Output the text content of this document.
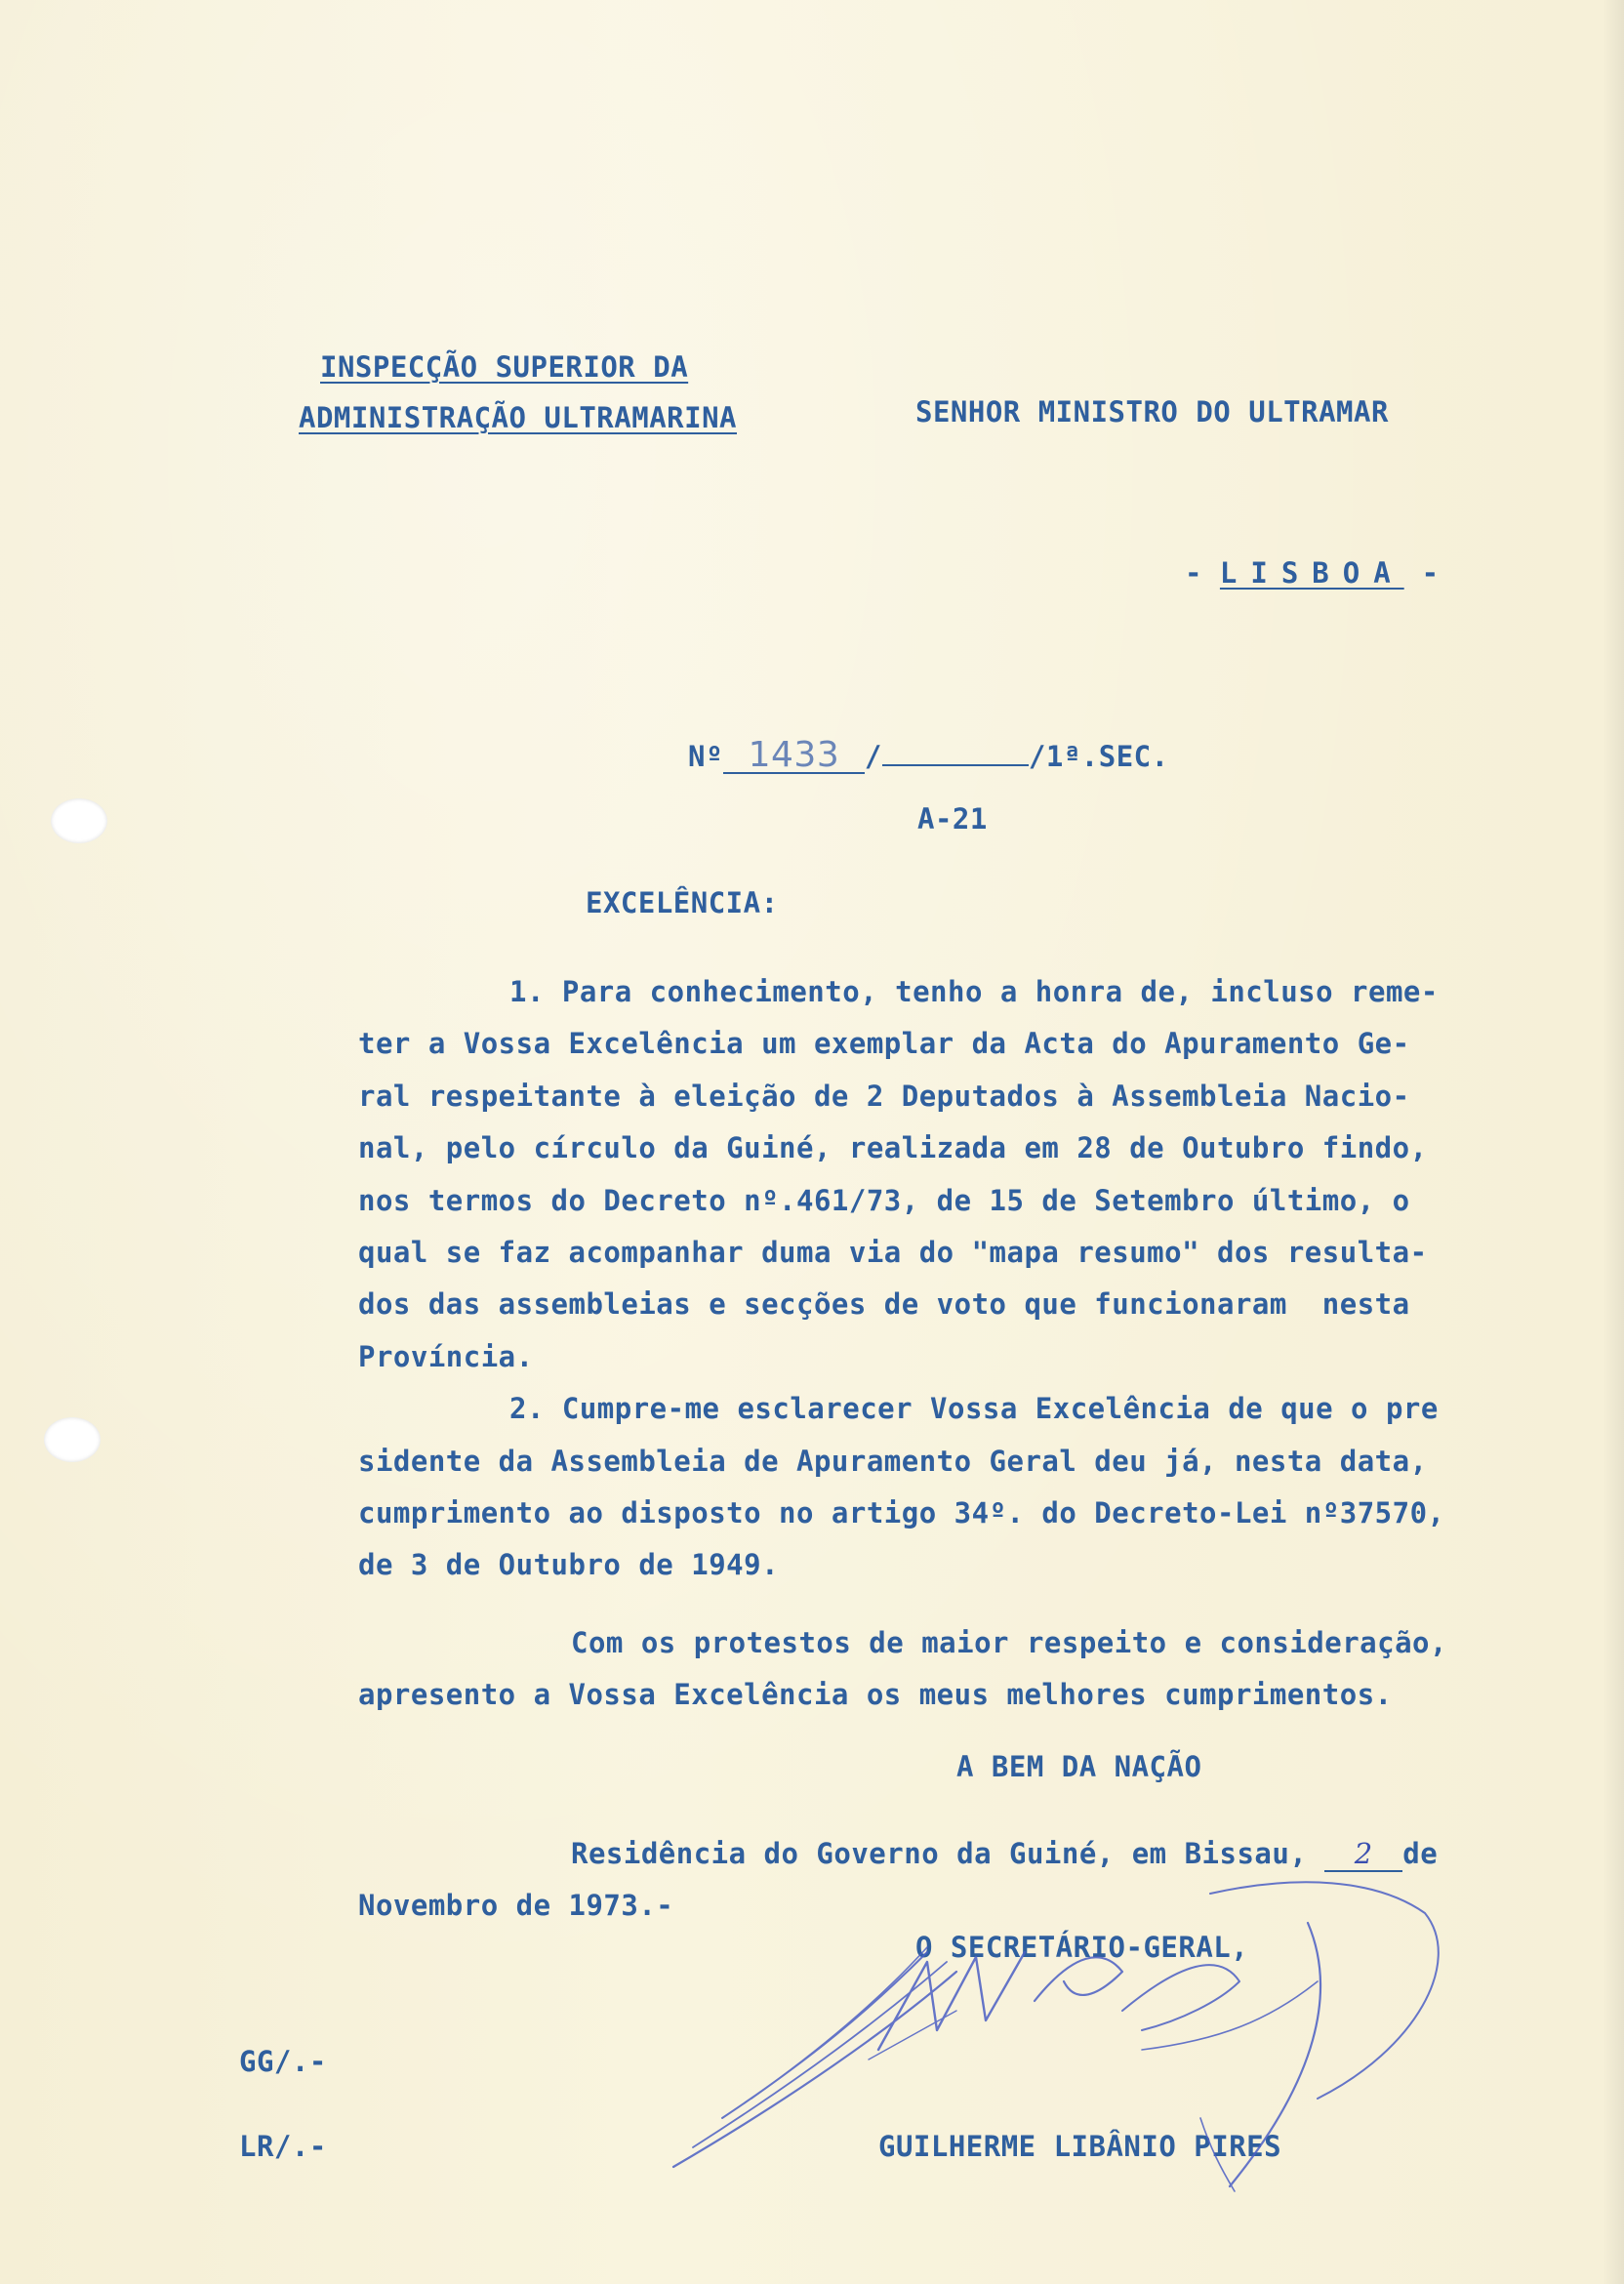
INSPECÇÃO SUPERIOR DA
ADMINISTRAÇÃO ULTRAMARINA	SENHOR MINISTRO DO ULTRAMAR
- LISBOA -
Nº 1433 /	/1ª.SEC.
A-21
EXCELÊNCIA:
1. Para conhecimento, tenho a honra de, incluso reme-
ter a Vossa Excelência um exemplar da Acta do Apuramento Ge-
ral respeitante à eleição de 2 Deputados à Assembleia Nacio-
nal, pelo círculo da Guiné, realizada em 28 de Outubro findo,
nos termos do Decreto nº.461/73, de 15 de Setembro último, o
qual se faz acompanhar duma via do "mapa resumo" dos resulta-
dos das assembleias e secções de voto que funcionaram  nesta
Província.
2. Cumpre-me esclarecer Vossa Excelência de que o pre
sidente da Assembleia de Apuramento Geral deu já, nesta data,
cumprimento ao disposto no artigo 34º. do Decreto-Lei nº37570,
de 3 de Outubro de 1949.
Com os protestos de maior respeito e consideração,
apresento a Vossa Excelência os meus melhores cumprimentos.
A BEM DA NAÇÃO
Residência do Governo da Guiné, em Bissau, 2 de
Novembro de 1973.-
O SECRETÁRIO-GERAL,
GG/.-
LR/.-	GUILHERME LIBÂNIO PIRES
